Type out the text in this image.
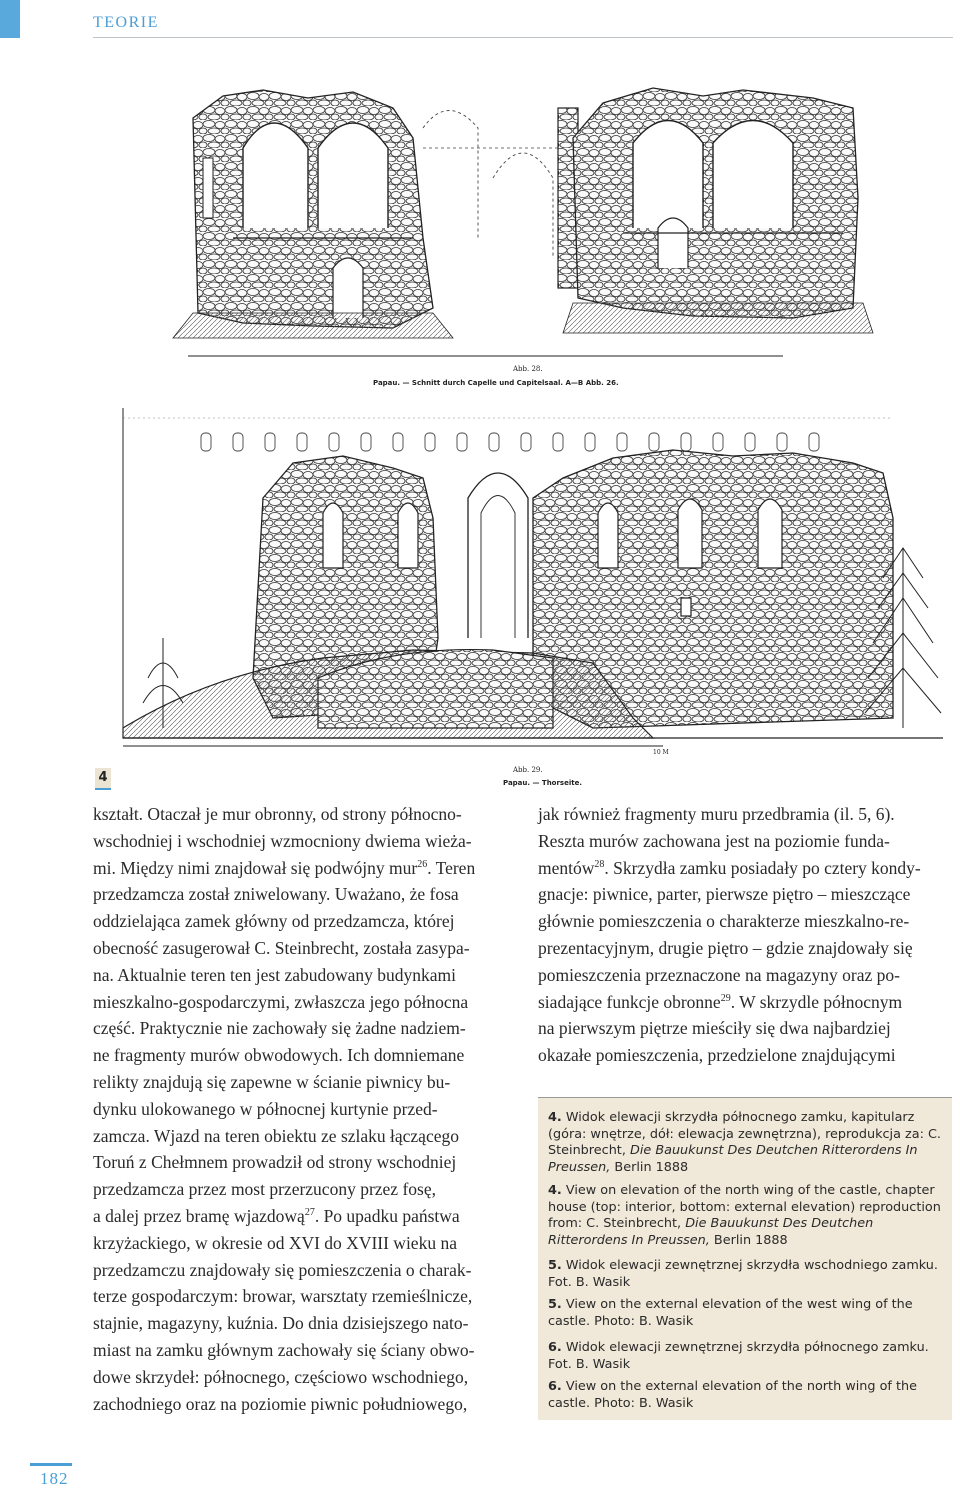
TEORIE
Abb. 28.
Papau. — Schnitt durch Capelle und Capitelsaal. A—B Abb. 26.
10 M
Abb. 29.
Papau. — Thorseite.
4

kształt. Otaczał je mur obronny, od strony północno-

wschodniej i wschodniej wzmocniony dwiema wieża-

mi. Między nimi znajdował się podwójny mur$^{26}$. Teren

przedzamcza został zniwelowany. Uważano, że fosa

oddzielająca zamek główny od przedzamcza, której

obecność zasugerował C. Steinbrecht, została zasypa-

na. Aktualnie teren ten jest zabudowany budynkami

mieszkalno-gospodarczymi, zwłaszcza jego północna

część. Praktycznie nie zachowały się żadne nadziem-

ne fragmenty murów obwodowych. Ich domniemane

relikty znajdują się zapewne w ścianie piwnicy bu-

dynku ulokowanego w północnej kurtynie przed-

zamcza. Wjazd na teren obiektu ze szlaku łączącego

Toruń z Chełmnem prowadził od strony wschodniej

przedzamcza przez most przerzucony przez fosę,

a dalej przez bramę wjazdową$^{27}$. Po upadku państwa

krzyżackiego, w okresie od XVI do XVIII wieku na

przedzamczu znajdowały się pomieszczenia o charak-

terze gospodarczym: browar, warsztaty rzemieślnicze,

stajnie, magazyny, kuźnia. Do dnia dzisiejszego nato-

miast na zamku głównym zachowały się ściany obwo-

dowe skrzydeł: północnego, częściowo wschodniego,

zachodniego oraz na poziomie piwnic południowego,

jak również fragmenty muru przedbramia (il. 5, 6).

Reszta murów zachowana jest na poziomie funda-

mentów$^{28}$. Skrzydła zamku posiadały po cztery kondy-

gnacje: piwnice, parter, pierwsze piętro – mieszczące

głównie pomieszczenia o charakterze mieszkalno-re-

prezentacyjnym, drugie piętro – gdzie znajdowały się

pomieszczenia przeznaczone na magazyny oraz po-

siadające funkcje obronne$^{29}$. W skrzydle północnym

na pierwszym piętrze mieściły się dwa najbardziej

okazałe pomieszczenia, przedzielone znajdującymi

4. Widok elewacji skrzydła północnego zamku, kapitularz (góra: wnętrze, dół: elewacja zewnętrzna), reprodukcja za: C. Steinbrecht, Die Bauukunst Des Deutchen Ritterordens In Preussen, Berlin 1888
4. View on elevation of the north wing of the castle, chapter house (top: interior, bottom: external elevation) reproduction from: C. Steinbrecht, Die Bauukunst Des Deutchen Ritterordens In Preussen, Berlin 1888
5. Widok elewacji zewnętrznej skrzydła wschodniego zamku. Fot. B. Wasik
5. View on the external elevation of the west wing of the castle. Photo: B. Wasik
6. Widok elewacji zewnętrznej skrzydła północnego zamku. Fot. B. Wasik
6. View on the external elevation of the north wing of the castle. Photo: B. Wasik
182
